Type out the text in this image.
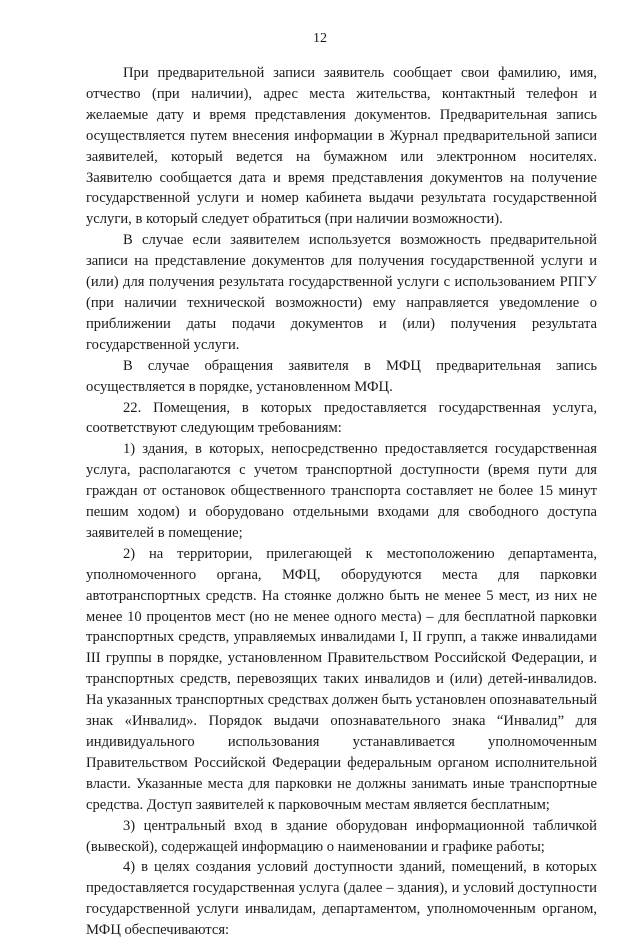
12

При предварительной записи заявитель сообщает свои фамилию, имя, отчество (при наличии), адрес места жительства, контактный телефон и желаемые дату и время представления документов. Предварительная запись осуществляется путем внесения информации в Журнал предварительной записи заявителей, который ведется на бумажном или электронном носителях. Заявителю сообщается дата и время представления документов на получение государственной услуги и номер кабинета выдачи результата государственной услуги, в который следует обратиться (при наличии возможности).

В случае если заявителем используется возможность предварительной записи на представление документов для получения государственной услуги и (или) для получения результата государственной услуги с использованием РПГУ (при наличии технической возможности) ему направляется уведомление о приближении даты подачи документов и (или) получения результата государственной услуги.

В случае обращения заявителя в МФЦ предварительная запись осуществляется в порядке, установленном МФЦ.

22. Помещения, в которых предоставляется государственная услуга, соответствуют следующим требованиям:

1) здания, в которых, непосредственно предоставляется государственная услуга, располагаются с учетом транспортной доступности (время пути для граждан от остановок общественного транспорта составляет не более 15 минут пешим ходом) и оборудовано отдельными входами для свободного доступа заявителей в помещение;

2) на территории, прилегающей к местоположению департамента, уполномоченного органа, МФЦ, оборудуются места для парковки автотранспортных средств. На стоянке должно быть не менее 5 мест, из них не менее 10 процентов мест (но не менее одного места) – для бесплатной парковки транспортных средств, управляемых инвалидами I, II групп, а также инвалидами III группы в порядке, установленном Правительством Российской Федерации, и транспортных средств, перевозящих таких инвалидов и (или) детей-инвалидов. На указанных транспортных средствах должен быть установлен опознавательный знак «Инвалид». Порядок выдачи опознавательного знака “Инвалид” для индивидуального использования устанавливается уполномоченным Правительством Российской Федерации федеральным органом исполнительной власти. Указанные места для парковки не должны занимать иные транспортные средства. Доступ заявителей к парковочным местам является бесплатным;

3) центральный вход в здание оборудован информационной табличкой (вывеской), содержащей информацию о наименовании и графике работы;

4) в целях создания условий доступности зданий, помещений, в которых предоставляется государственная услуга (далее – здания), и условий доступности государственной услуги инвалидам, департаментом, уполномоченным органом, МФЦ обеспечиваются:
